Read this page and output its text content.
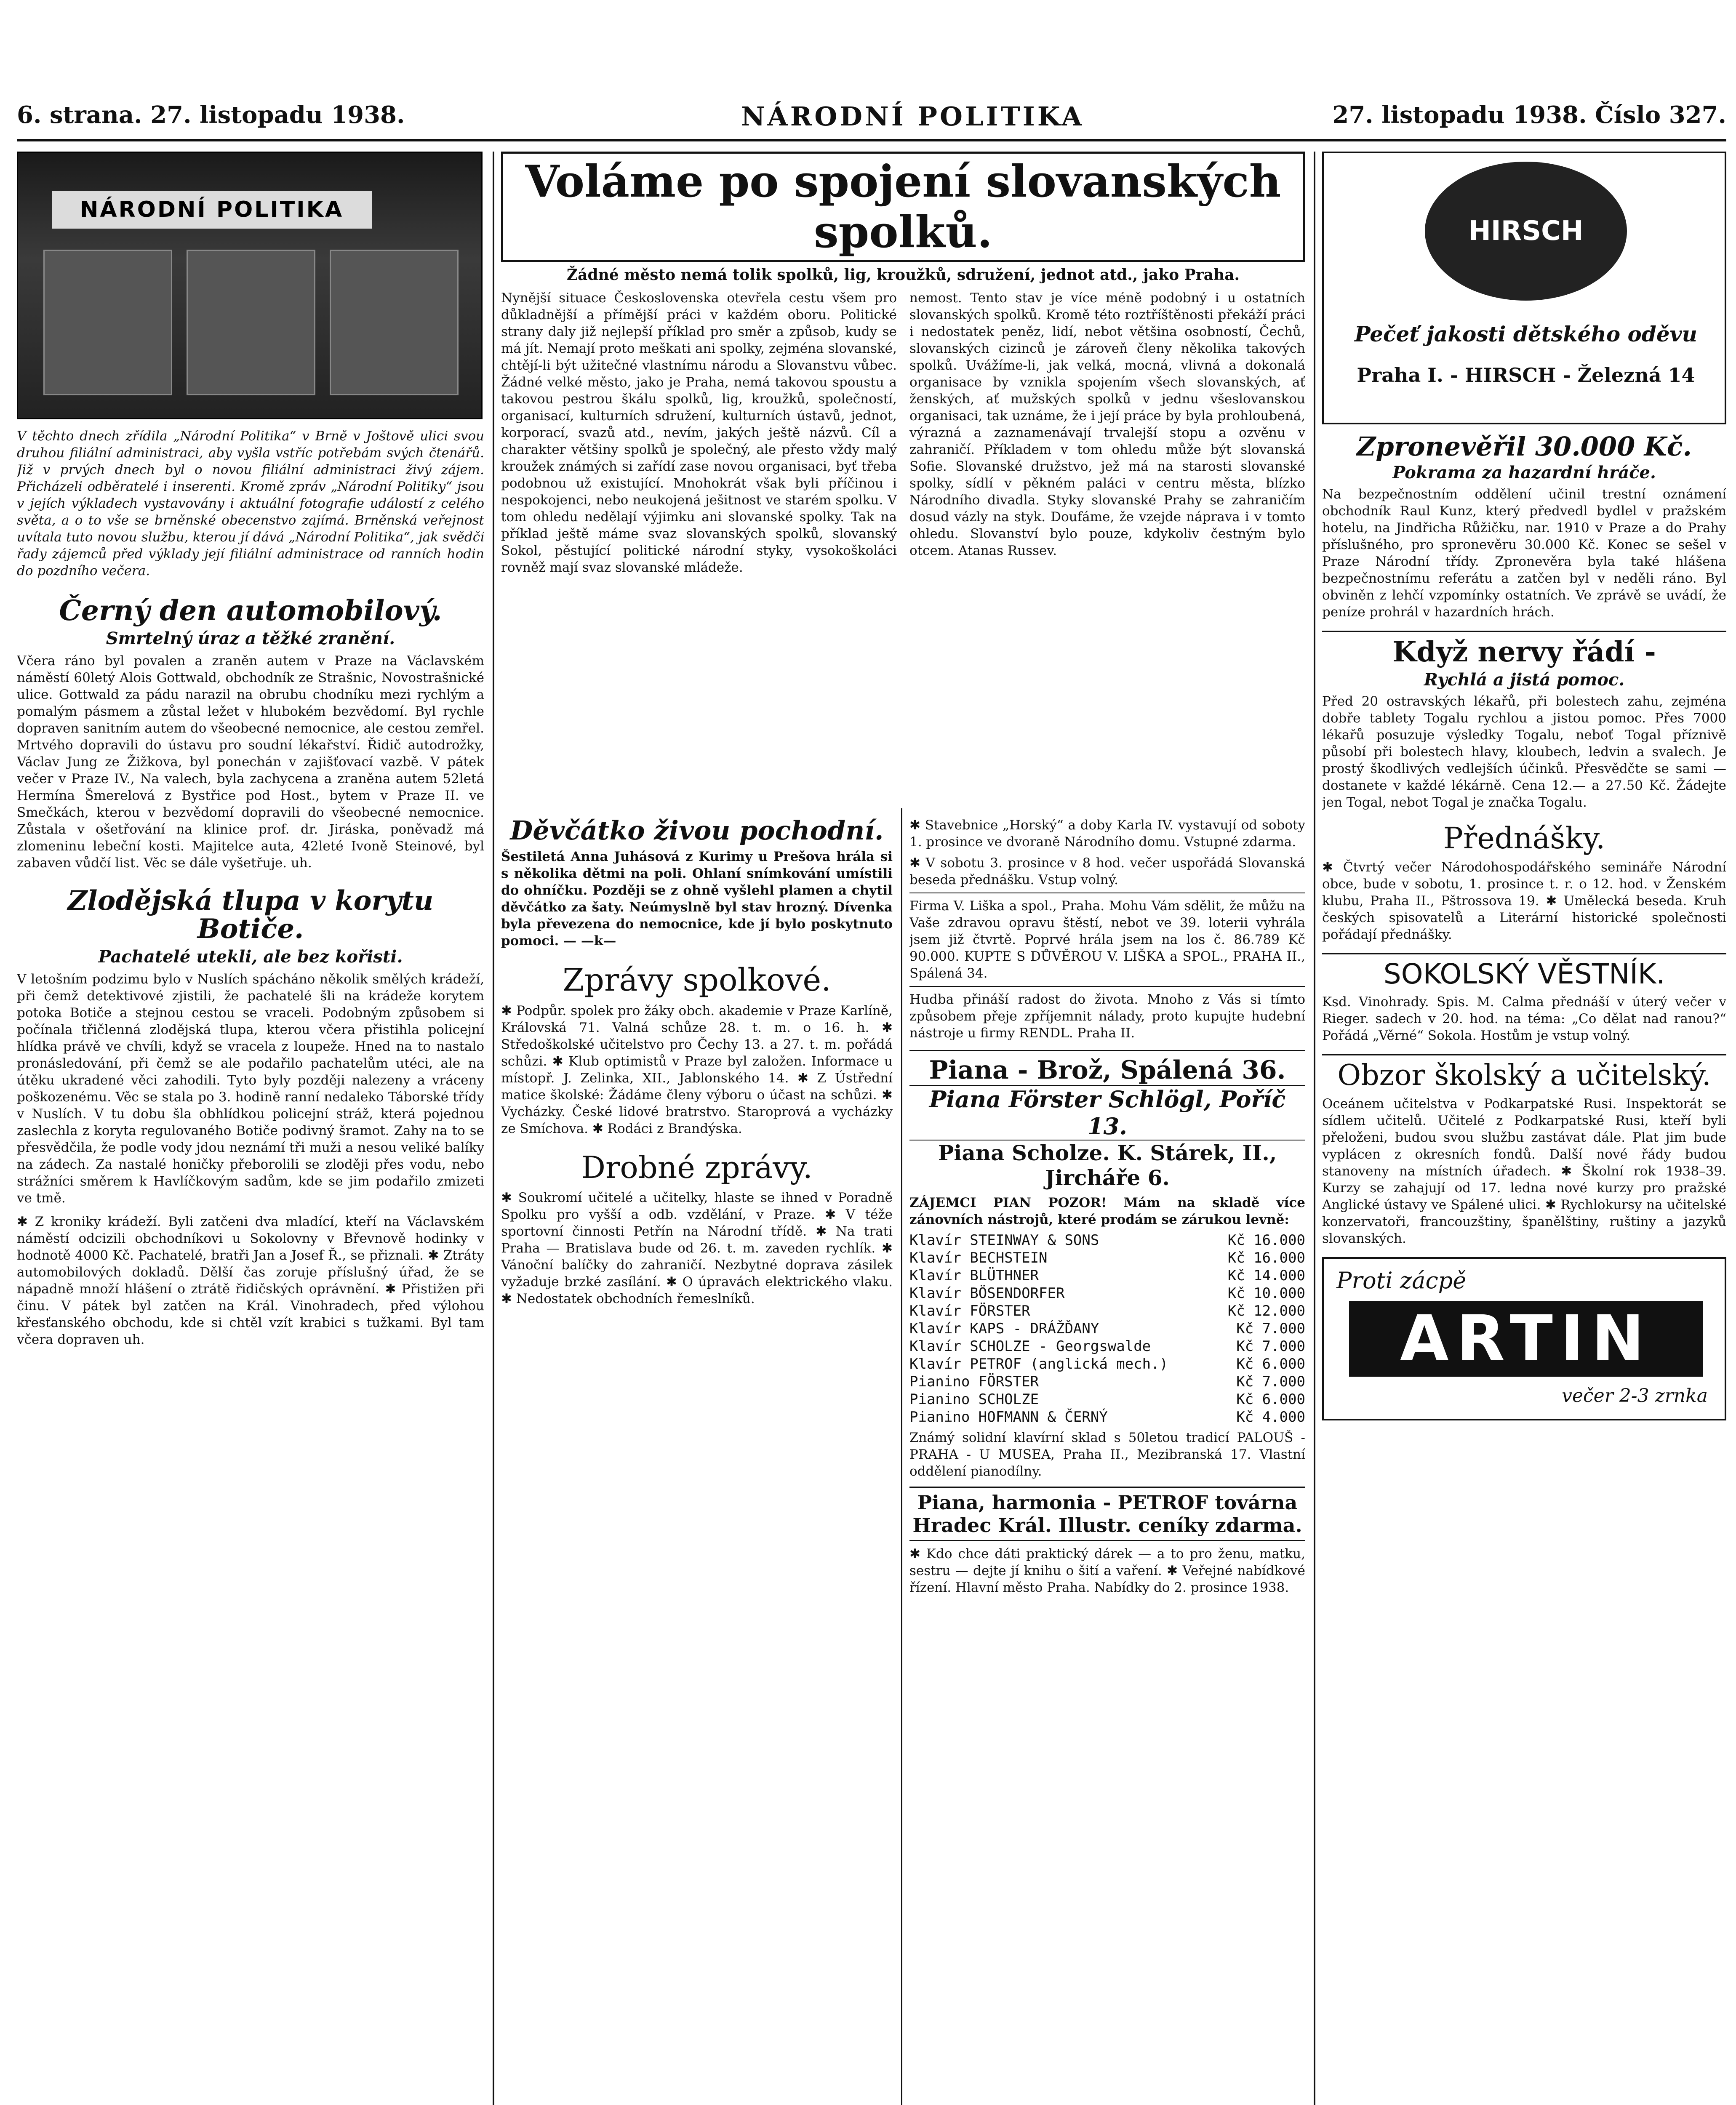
6. strana. 27. listopadu 1938.	NÁRODNÍ POLITIKA	27. listopadu 1938. Číslo 327.
NÁRODNÍ POLITIKA
V těchto dnech zřídila „Národní Politika“ v Brně v Joštově ulici svou druhou filiální administraci, aby vyšla vstříc potřebám svých čtenářů. Již v prvých dnech byl o novou filiální administraci živý zájem. Přicházeli odběratelé i inserenti. Kromě zpráv „Národní Politiky“ jsou v jejích výkladech vystavovány i aktuální fotografie událostí z celého světa, a o to vše se brněnské obecenstvo zajímá. Brněnská veřejnost uvítala tuto novou službu, kterou jí dává „Národní Politika“, jak svědčí řady zájemců před výklady její filiální administrace od ranních hodin do pozdního večera.
Černý den automobilový.
Smrtelný úraz a těžké zranění.
Včera ráno byl povalen a zraněn autem v Praze na Václavském náměstí 60letý Alois Gottwald, obchodník ze Strašnic, Novostrašnické ulice. Gottwald za pádu narazil na obrubu chodníku mezi rychlým a pomalým pásmem a zůstal ležet v hlubokém bezvědomí. Byl rychle dopraven sanitním autem do všeobecné nemocnice, ale cestou zemřel. Mrtvého dopravili do ústavu pro soudní lékařství. Řidič autodrožky, Václav Jung ze Žižkova, byl ponechán v zajišťovací vazbě. V pátek večer v Praze IV., Na valech, byla zachycena a zraněna autem 52letá Hermína Šmerelová z Bystřice pod Host., bytem v Praze II. ve Smečkách, kterou v bezvědomí dopravili do všeobecné nemocnice. Zůstala v ošetřování na klinice prof. dr. Jiráska, poněvadž má zlomeninu lebeční kosti. Majitelce auta, 42leté Ivoně Steinové, byl zabaven vůdčí list. Věc se dále vyšetřuje. uh.
Zlodějská tlupa v korytu Botiče.
Pachatelé utekli, ale bez kořisti.
V letošním podzimu bylo v Nuslích spácháno několik smělých krádeží, při čemž detektivové zjistili, že pachatelé šli na krádeže korytem potoka Botiče a stejnou cestou se vraceli. Podobným způsobem si počínala třičlenná zlodějská tlupa, kterou včera přistihla policejní hlídka právě ve chvíli, když se vracela z loupeže. Hned na to nastalo pronásledování, při čemž se ale podařilo pachatelům utéci, ale na útěku ukradené věci zahodili. Tyto byly později nalezeny a vráceny poškozenému. Věc se stala po 3. hodině ranní nedaleko Táborské třídy v Nuslích. V tu dobu šla obhlídkou policejní stráž, která pojednou zaslechla z koryta regulovaného Botiče podivný šramot. Zahy na to se přesvědčila, že podle vody jdou neznámí tři muži a nesou veliké balíky na zádech. Za nastalé honičky přeborolili se zloději přes vodu, nebo strážníci směrem k Havlíčkovým sadům, kde se jim podařilo zmizeti ve tmě.
✱ Z kroniky krádeží. Byli zatčeni dva mladící, kteří na Václavském náměstí odcizili obchodníkovi u Sokolovny v Břevnově hodinky v hodnotě 4000 Kč. Pachatelé, bratři Jan a Josef Ř., se přiznali. ✱ Ztráty automobilových dokladů. Dělší čas zoruje příslušný úřad, že se nápadně množí hlášení o ztrátě řidičských oprávnění. ✱ Přistižen při činu. V pátek byl zatčen na Král. Vinohradech, před výlohou křesťanského obchodu, kde si chtěl vzít krabici s tužkami. Byl tam včera dopraven uh.
Voláme po spojení slovanských spolků.
Žádné město nemá tolik spolků, lig, kroužků, sdružení, jednot atd., jako Praha.
Nynější situace Československa otevřela cestu všem pro důkladnější a přímější práci v každém oboru. Politické strany daly již nejlepší příklad pro směr a způsob, kudy se má jít. Nemají proto meškati ani spolky, zejména slovanské, chtějí-li být užitečné vlastnímu národu a Slovanstvu vůbec. Žádné velké město, jako je Praha, nemá takovou spoustu a takovou pestrou škálu spolků, lig, kroužků, společností, organisací, kulturních sdružení, kulturních ústavů, jednot, korporací, svazů atd., nevím, jakých ještě názvů. Cíl a charakter většiny spolků je společný, ale přesto vždy malý kroužek známých si zařídí zase novou organisaci, byť třeba podobnou už existující. Mnohokrát však byli příčinou i nespokojenci, nebo neukojená ješitnost ve starém spolku. V tom ohledu nedělají výjimku ani slovanské spolky. Tak na příklad ještě máme svaz slovanských spolků, slovanský Sokol, pěstující politické národní styky, vysokoškoláci rovněž mají svaz slovanské mládeže.
nemost. Tento stav je více méně podobný i u ostatních slovanských spolků. Kromě této roztříštěnosti překáží práci i nedostatek peněz, lidí, nebot většina osobností, Čechů, slovanských cizinců je zároveň členy několika takových spolků. Uvážíme-li, jak velká, mocná, vlivná a dokonalá organisace by vznikla spojením všech slovanských, ať ženských, ať mužských spolků v jednu všeslovanskou organisaci, tak uznáme, že i její práce by byla prohloubená, výrazná a zaznamenávají trvalejší stopu a ozvěnu v zahraničí. Příkladem v tom ohledu může být slovanská Sofie. Slovanské družstvo, jež má na starosti slovanské spolky, sídlí v pěkném paláci v centru města, blízko Národního divadla. Styky slovanské Prahy se zahraničím dosud vázly na styk. Doufáme, že vzejde náprava i v tomto ohledu. Slovanství bylo pouze, kdykoliv čestným bylo otcem. Atanas Russev.
Děvčátko živou pochodní.
Šestiletá Anna Juhásová z Kurimy u Prešova hrála si s několika dětmi na poli. Ohlaní snímkování umístili do ohníčku. Později se z ohně vyšlehl plamen a chytil děvčátko za šaty. Neúmyslně byl stav hrozný. Dívenka byla převezena do nemocnice, kde jí bylo poskytnuto pomoci. — —k—
Zprávy spolkové.
✱ Podpůr. spolek pro žáky obch. akademie v Praze Karlíně, Královská 71. Valná schůze 28. t. m. o 16. h. ✱ Středoškolské učitelstvo pro Čechy 13. a 27. t. m. pořádá schůzi. ✱ Klub optimistů v Praze byl založen. Informace u místopř. J. Zelinka, XII., Jablonského 14. ✱ Z Ústřední matice školské: Žádáme členy výboru o účast na schůzi. ✱ Vycházky. České lidové bratrstvo. Staroprová a vycházky ze Smíchova. ✱ Rodáci z Brandýska.
Drobné zprávy.
✱ Soukromí učitelé a učitelky, hlaste se ihned v Poradně Spolku pro vyšší a odb. vzdělání, v Praze. ✱ V téže sportovní činnosti Petřín na Národní třídě. ✱ Na trati Praha — Bratislava bude od 26. t. m. zaveden rychlík. ✱ Vánoční balíčky do zahraničí. Nezbytné doprava zásilek vyžaduje brzké zasílání. ✱ O úpravách elektrického vlaku. ✱ Nedostatek obchodních řemeslníků.
✱ Stavebnice „Horský“ a doby Karla IV. vystavují od soboty 1. prosince ve dvoraně Národního domu. Vstupné zdarma.
✱ V sobotu 3. prosince v 8 hod. večer uspořádá Slovanská beseda přednášku. Vstup volný.
Firma V. Liška a spol., Praha. Mohu Vám sdělit, že můžu na Vaše zdravou opravu štěstí, nebot ve 39. loterii vyhrála jsem již čtvrtě. Poprvé hrála jsem na los č. 86.789 Kč 90.000. KUPTE S DŮVĚROU V. LIŠKA a SPOL., PRAHA II., Spálená 34.
Hudba přináší radost do života. Mnoho z Vás si tímto způsobem přeje zpříjemnit nálady, proto kupujte hudební nástroje u firmy RENDL. Praha II.
Piana - Brož, Spálená 36.
Piana Förster Schlögl, Poříč 13.
Piana Scholze. K. Stárek, II., Jircháře 6.
ZÁJEMCI PIAN POZOR! Mám na skladě více zánovních nástrojů, které prodám se zárukou levně:
Klavír STEINWAY & SONS	Kč 16.000
Klavír BECHSTEIN	Kč 16.000
Klavír BLÜTHNER	Kč 14.000
Klavír BÖSENDORFER	Kč 10.000
Klavír FÖRSTER	Kč 12.000
Klavír KAPS - DRÁŽĎANY	Kč 7.000
Klavír SCHOLZE - Georgswalde	Kč 7.000
Klavír PETROF (anglická mech.)	Kč 6.000
Pianino FÖRSTER	Kč 7.000
Pianino SCHOLZE	Kč 6.000
Pianino HOFMANN & ČERNÝ	Kč 4.000
Známý solidní klavírní sklad s 50letou tradicí PALOUŠ - PRAHA - U MUSEA, Praha II., Mezibranská 17. Vlastní oddělení pianodílny.
Piana, harmonia - PETROF továrna Hradec Král. Illustr. ceníky zdarma.
✱ Kdo chce dáti praktický dárek — a to pro ženu, matku, sestru — dejte jí knihu o šití a vaření. ✱ Veřejné nabídkové řízení. Hlavní město Praha. Nabídky do 2. prosince 1938.
HIRSCH
Pečeť jakosti dětského oděvu
Praha I. - HIRSCH - Železná 14
Zpronevěřil 30.000 Kč.
Pokrama za hazardní hráče.
Na bezpečnostním oddělení učinil trestní oznámení obchodník Raul Kunz, který předvedl bydlel v pražském hotelu, na Jindřicha Růžičku, nar. 1910 v Praze a do Prahy příslušného, pro spronevěru 30.000 Kč. Konec se sešel v Praze Národní třídy. Zpronevěra byla také hlášena bezpečnostnímu referátu a zatčen byl v neděli ráno. Byl obviněn z lehčí vzpomínky ostatních. Ve zprávě se uvádí, že peníze prohrál v hazardních hrách.
Když nervy řádí -
Rychlá a jistá pomoc.
Před 20 ostravských lékařů, při bolestech zahu, zejména dobře tablety Togalu rychlou a jistou pomoc. Přes 7000 lékařů posuzuje výsledky Togalu, neboť Togal příznivě působí při bolestech hlavy, kloubech, ledvin a svalech. Je prostý škodlivých vedlejších účinků. Přesvědčte se sami — dostanete v každé lékárně. Cena 12.— a 27.50 Kč. Žádejte jen Togal, nebot Togal je značka Togalu.
Přednášky.
✱ Čtvrtý večer Národohospodářského semináře Národní obce, bude v sobotu, 1. prosince t. r. o 12. hod. v Ženském klubu, Praha II., Pštrossova 19. ✱ Umělecká beseda. Kruh českých spisovatelů a Literární historické společnosti pořádají přednášky.
SOKOLSKÝ VĚSTNÍK.
Ksd. Vinohrady. Spis. M. Calma přednáší v úterý večer v Rieger. sadech v 20. hod. na téma: „Co dělat nad ranou?“ Pořádá „Věrné“ Sokola. Hostům je vstup volný.
Obzor školský a učitelský.
Oceánem učitelstva v Podkarpatské Rusi. Inspektorát se sídlem učitelů. Učitelé z Podkarpatské Rusi, kteří byli přeloženi, budou svou službu zastávat dále. Plat jim bude vyplácen z okresních fondů. Další nové řády budou stanoveny na místních úřadech. ✱ Školní rok 1938–39. Kurzy se zahajují od 17. ledna nové kurzy pro pražské Anglické ústavy ve Spálené ulici. ✱ Rychlokursy na učitelské konzervatoři, francouzštiny, španělštiny, ruštiny a jazyků slovanských.
Proti zácpě
ARTIN
večer 2-3 zrnka
